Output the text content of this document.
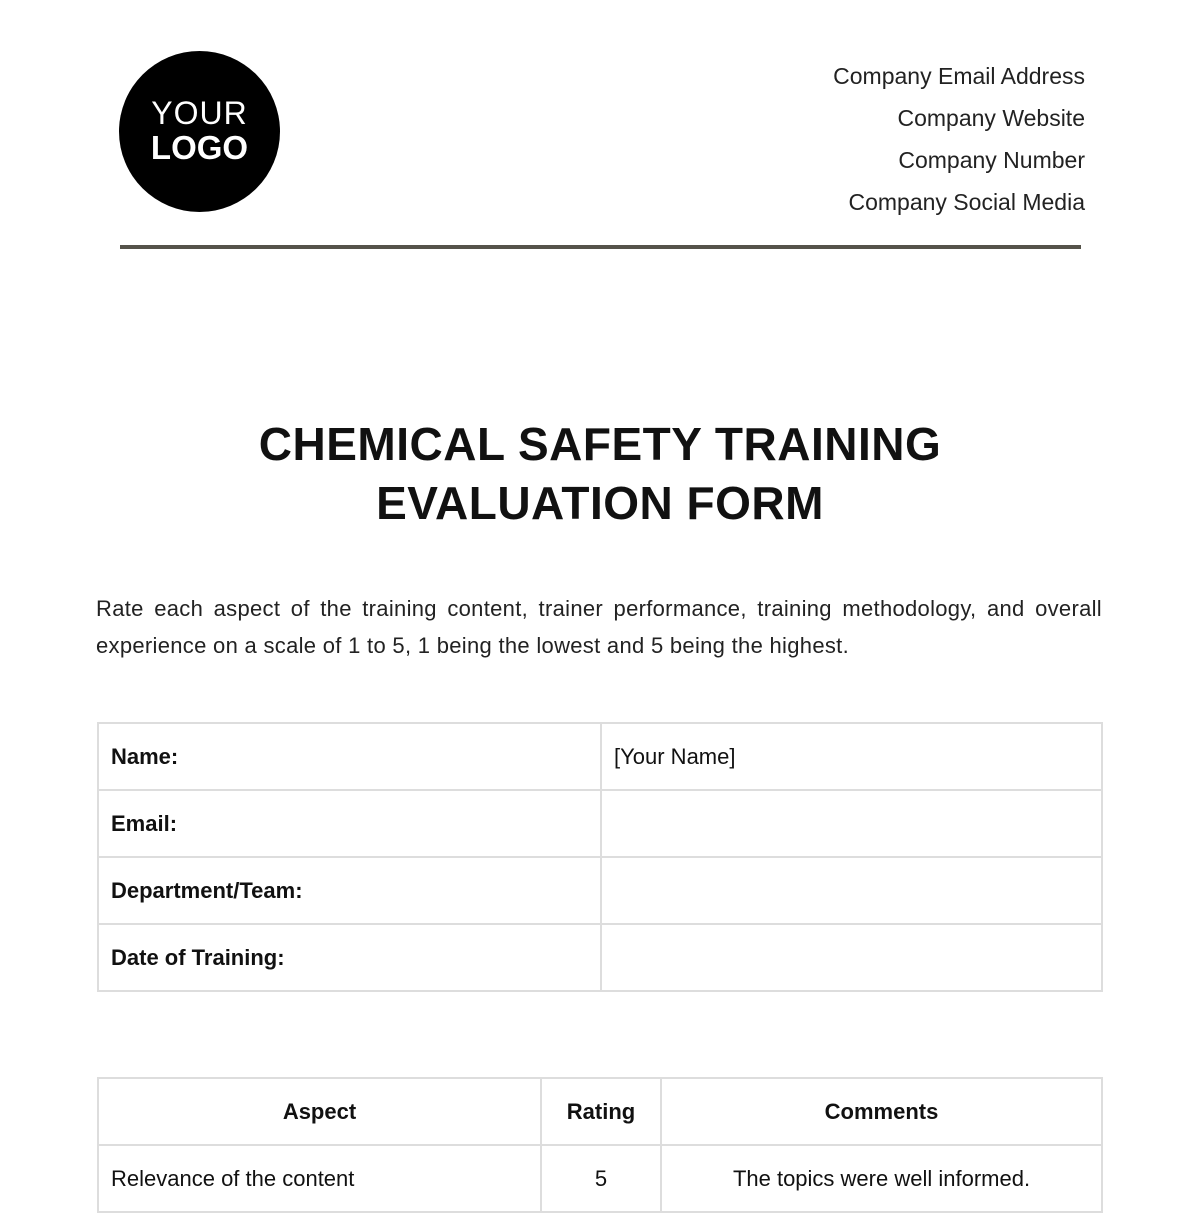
YOUR
LOGO
Company Email Address
Company Website
Company Number
Company Social Media
CHEMICAL SAFETY TRAINING
EVALUATION FORM

Rate each aspect of the training content, trainer performance, training methodology, and overall experience on a scale of 1 to 5, 1 being the lowest and 5 being the highest.

Name:	[Your Name]
Email:	
Department/Team:	
Date of Training:	
Aspect	Rating	Comments
Relevance of the content	5	The topics were well informed.
